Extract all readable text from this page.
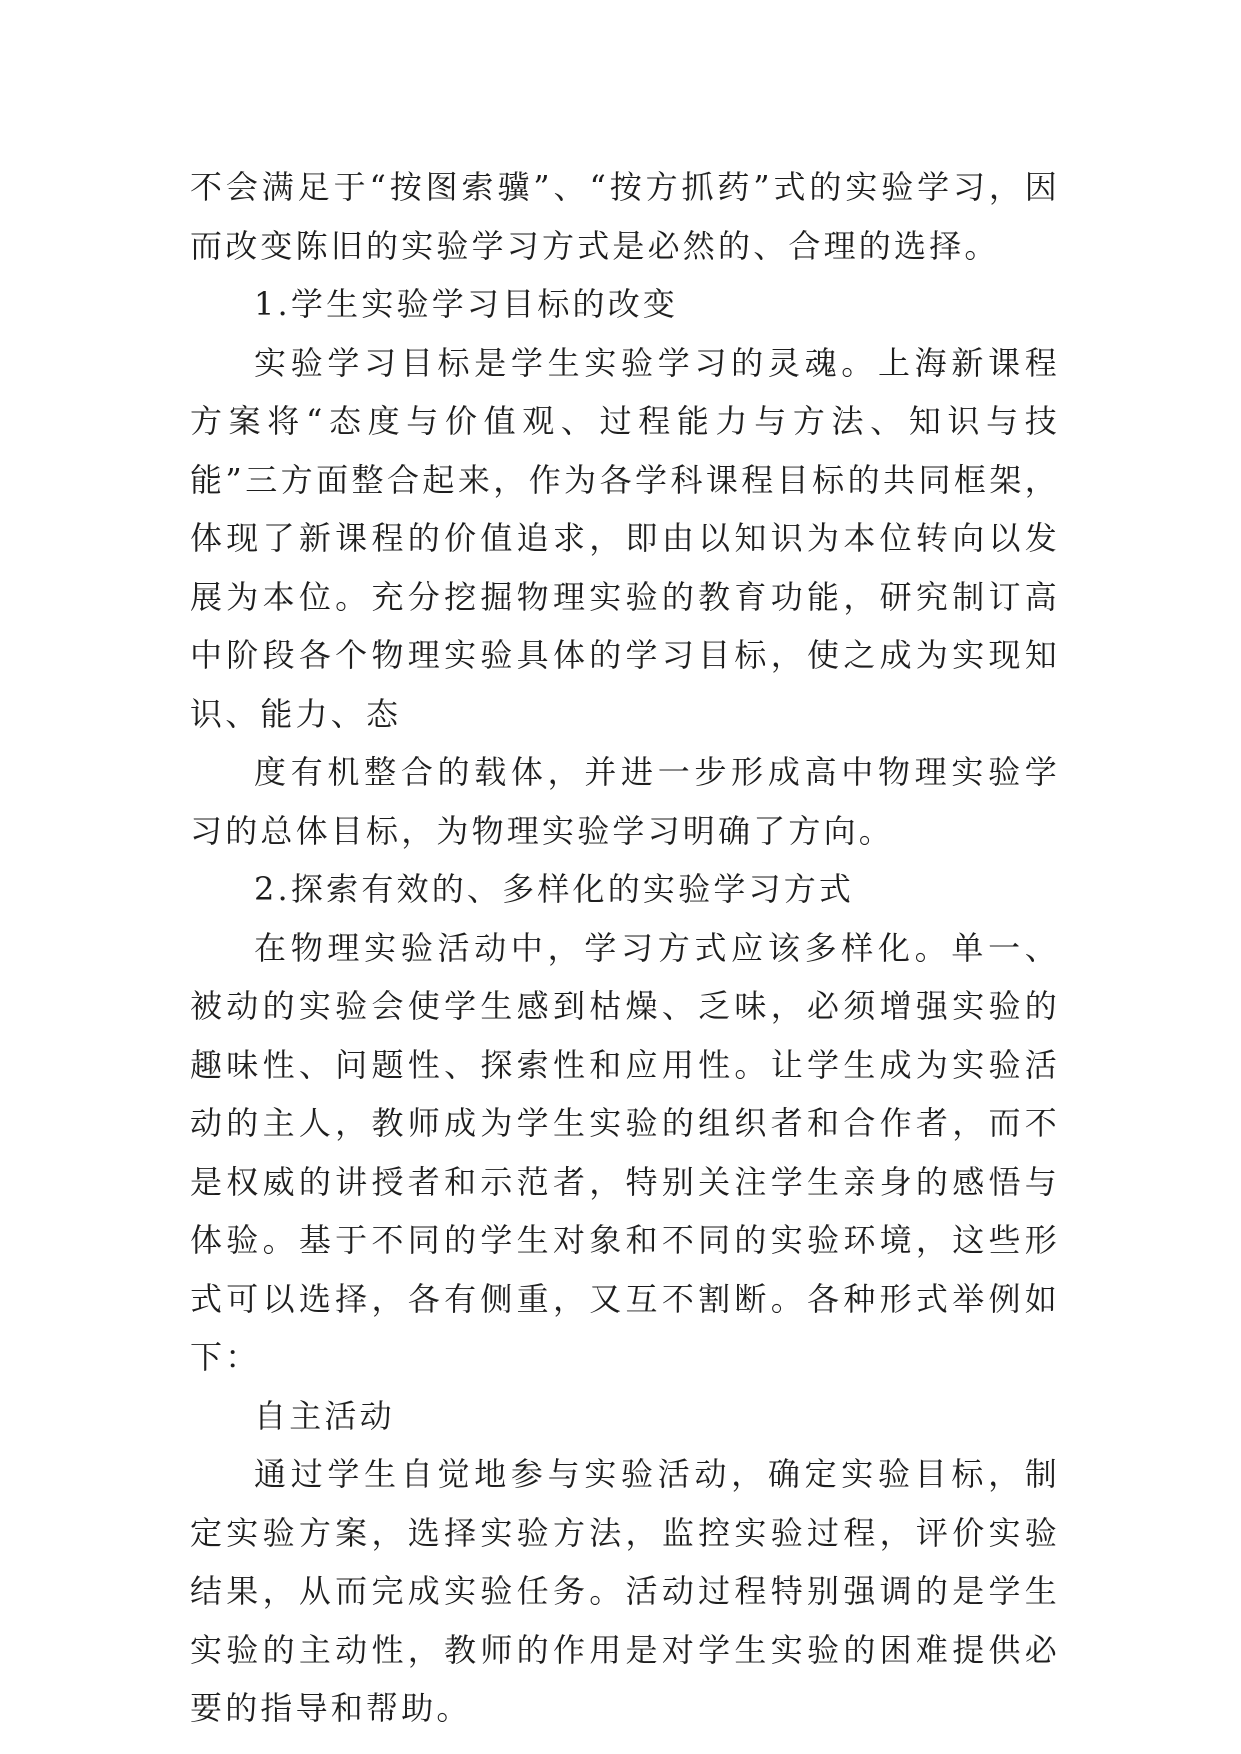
不会满足于“按图索骥”、“按方抓药”式的实验学习，因而改变陈旧的实验学习方式是必然的、合理的选择。

1.学生实验学习目标的改变

实验学习目标是学生实验学习的灵魂。上海新课程方案将“态度与价值观、过程能力与方法、知识与技能”三方面整合起来，作为各学科课程目标的共同框架，体现了新课程的价值追求，即由以知识为本位转向以发展为本位。充分挖掘物理实验的教育功能，研究制订高中阶段各个物理实验具体的学习目标，使之成为实现知识、能力、态

度有机整合的载体，并进一步形成高中物理实验学习的总体目标，为物理实验学习明确了方向。

2.探索有效的、多样化的实验学习方式

在物理实验活动中，学习方式应该多样化。单一、被动的实验会使学生感到枯燥、乏味，必须增强实验的趣味性、问题性、探索性和应用性。让学生成为实验活动的主人，教师成为学生实验的组织者和合作者，而不是权威的讲授者和示范者，特别关注学生亲身的感悟与体验。基于不同的学生对象和不同的实验环境，这些形式可以选择，各有侧重，又互不割断。各种形式举例如下：

自主活动

通过学生自觉地参与实验活动，确定实验目标，制定实验方案，选择实验方法，监控实验过程，评价实验结果，从而完成实验任务。活动过程特别强调的是学生实验的主动性，教师的作用是对学生实验的困难提供必要的指导和帮助。
